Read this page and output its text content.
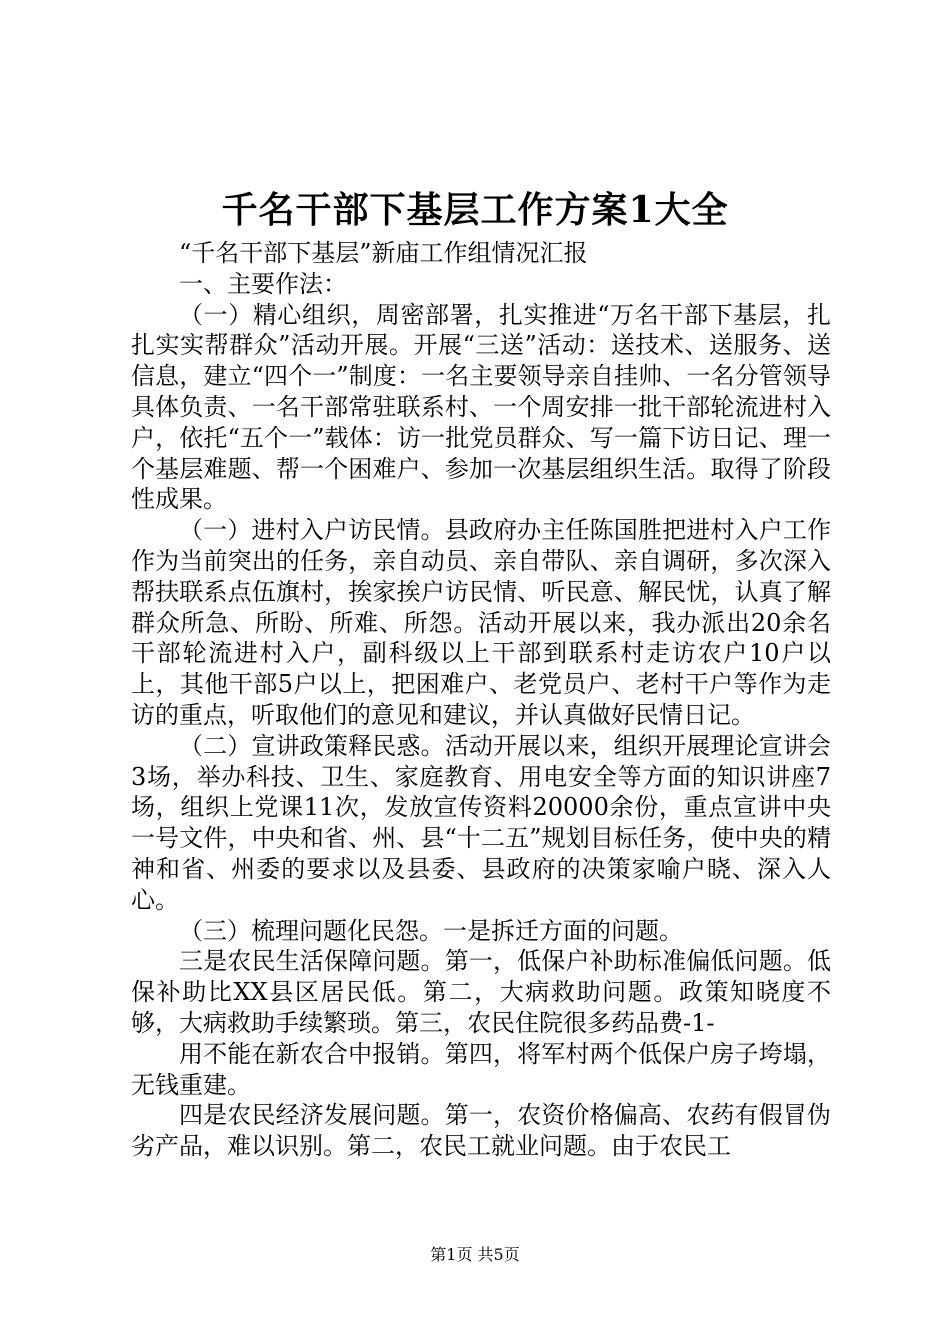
千名干部下基层工作方案1大全

“千名干部下基层”新庙工作组情况汇报

一、主要作法：

（一）精心组织，周密部署，扎实推进“万名干部下基层，扎扎实实帮群众”活动开展。开展“三送”活动：送技术、送服务、送信息，建立“四个一”制度：一名主要领导亲自挂帅、一名分管领导具体负责、一名干部常驻联系村、一个周安排一批干部轮流进村入户，依托“五个一”载体：访一批党员群众、写一篇下访日记、理一个基层难题、帮一个困难户、参加一次基层组织生活。取得了阶段性成果。

（一）进村入户访民情。县政府办主任陈国胜把进村入户工作作为当前突出的任务，亲自动员、亲自带队、亲自调研，多次深入帮扶联系点伍旗村，挨家挨户访民情、听民意、解民忧，认真了解群众所急、所盼、所难、所怨。活动开展以来，我办派出20余名干部轮流进村入户，副科级以上干部到联系村走访农户10户以上，其他干部5户以上，把困难户、老党员户、老村干户等作为走访的重点，听取他们的意见和建议，并认真做好民情日记。

（二）宣讲政策释民惑。活动开展以来，组织开展理论宣讲会3场，举办科技、卫生、家庭教育、用电安全等方面的知识讲座7场，组织上党课11次，发放宣传资料20000余份，重点宣讲中央一号文件，中央和省、州、县“十二五”规划目标任务，使中央的精神和省、州委的要求以及县委、县政府的决策家喻户晓、深入人心。

（三）梳理问题化民怨。一是拆迁方面的问题。

三是农民生活保障问题。第一，低保户补助标准偏低问题。低保补助比XX县区居民低。第二，大病救助问题。政策知晓度不够，大病救助手续繁琐。第三，农民住院很多药品费-1-

用不能在新农合中报销。第四，将军村两个低保户房子垮塌，无钱重建。

四是农民经济发展问题。第一，农资价格偏高、农药有假冒伪劣产品，难以识别。第二，农民工就业问题。由于农民工

第1页 共5页
